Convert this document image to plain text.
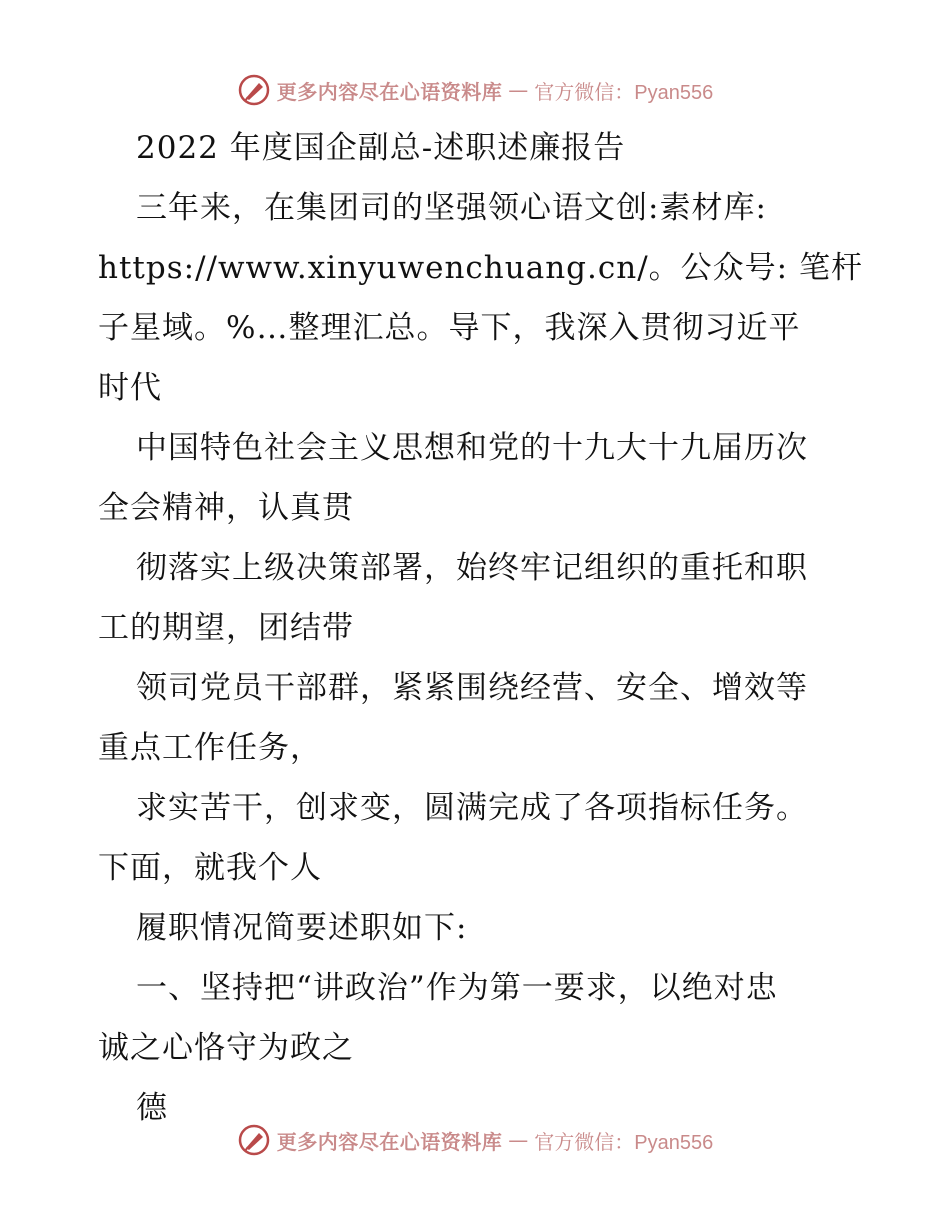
更多内容尽在心语资料库 — 官方微信：Pyan556
2022 年度国企副总-述职述廉报告
三年来，在集团司的坚强领心语文创:素材库:
https://www.xinyuwenchuang.cn/。公众号: 笔杆
子星域。%…整理汇总。导下，我深入贯彻习近平
时代
中国特色社会主义思想和党的十九大十九届历次
全会精神，认真贯
彻落实上级决策部署，始终牢记组织的重托和职
工的期望，团结带
领司党员干部群，紧紧围绕经营、安全、增效等
重点工作任务，
求实苦干，创求变，圆满完成了各项指标任务。
下面，就我个人
履职情况简要述职如下:
一、坚持把“讲政治”作为第一要求，以绝对忠
诚之心恪守为政之
德
更多内容尽在心语资料库 — 官方微信：Pyan556
